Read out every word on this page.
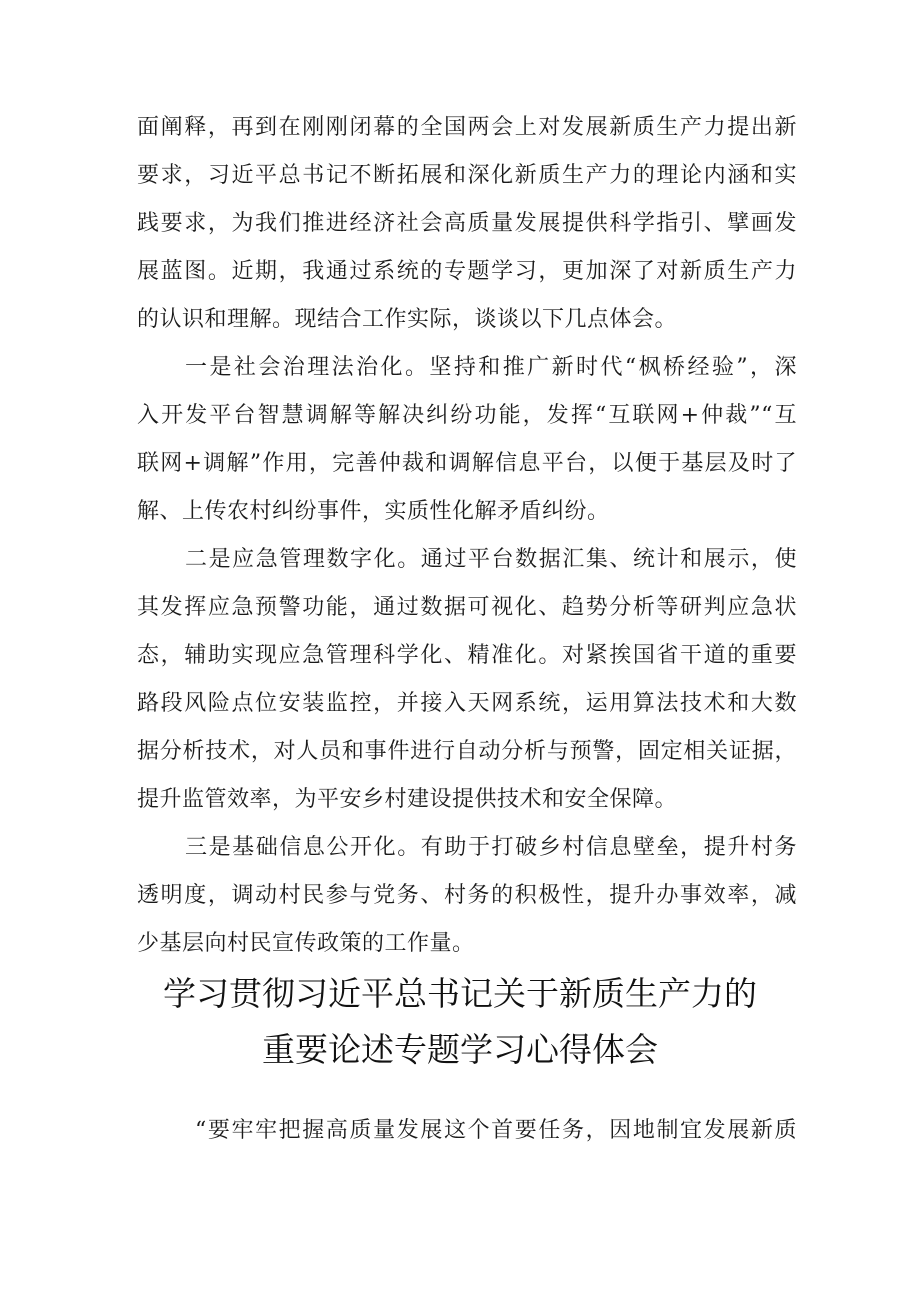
面阐释，再到在刚刚闭幕的全国两会上对发展新质生产力提出新
要求，习近平总书记不断拓展和深化新质生产力的理论内涵和实
践要求，为我们推进经济社会高质量发展提供科学指引、擘画发
展蓝图。近期，我通过系统的专题学习，更加深了对新质生产力
的认识和理解。现结合工作实际，谈谈以下几点体会。
一是社会治理法治化。坚持和推广新时代“枫桥经验”，深
入开发平台智慧调解等解决纠纷功能，发挥“互联网+仲裁”“互
联网+调解”作用，完善仲裁和调解信息平台，以便于基层及时了
解、上传农村纠纷事件，实质性化解矛盾纠纷。
二是应急管理数字化。通过平台数据汇集、统计和展示，使
其发挥应急预警功能，通过数据可视化、趋势分析等研判应急状
态，辅助实现应急管理科学化、精准化。对紧挨国省干道的重要
路段风险点位安装监控，并接入天网系统，运用算法技术和大数
据分析技术，对人员和事件进行自动分析与预警，固定相关证据，
提升监管效率，为平安乡村建设提供技术和安全保障。
三是基础信息公开化。有助于打破乡村信息壁垒，提升村务
透明度，调动村民参与党务、村务的积极性，提升办事效率，减
少基层向村民宣传政策的工作量。
学习贯彻习近平总书记关于新质生产力的
重要论述专题学习心得体会
“要牢牢把握高质量发展这个首要任务，因地制宜发展新质
